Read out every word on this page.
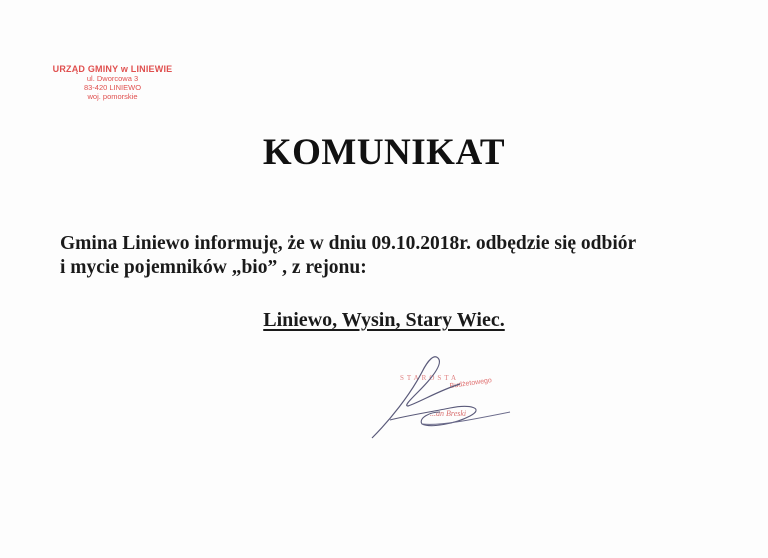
URZĄD GMINY w LINIEWIE
ul. Dworcowa 3
83-420 LINIEWO
woj. pomorskie
KOMUNIKAT
Gmina Liniewo informuję, że w dniu 09.10.2018r. odbędzie się odbiór
i mycie pojemników „bio” , z rejonu:
Liniewo, Wysin, Stary Wiec.
STAROSTA
Budżetowego
...an Breski
